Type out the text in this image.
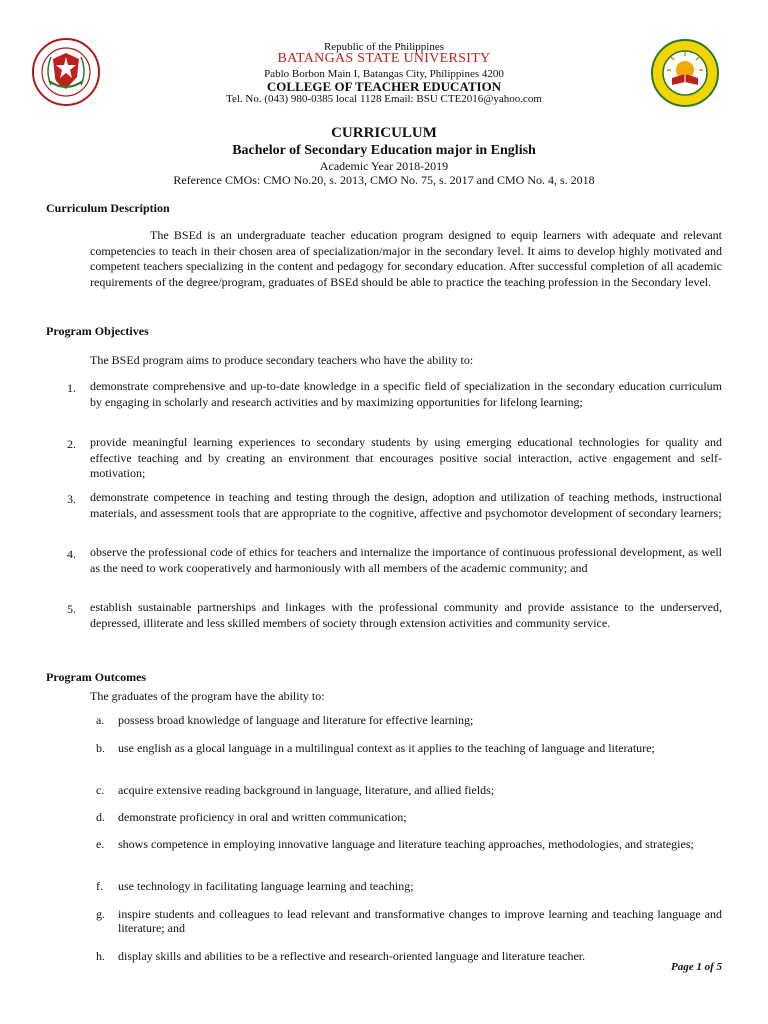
Republic of the Philippines
BATANGAS STATE UNIVERSITY
Pablo Borbon Main I, Batangas City, Philippines 4200
COLLEGE OF TEACHER EDUCATION
Tel. No. (043) 980-0385 local 1128 Email: BSU CTE2016@yahoo.com
CURRICULUM
Bachelor of Secondary Education major in English
Academic Year 2018-2019
Reference CMOs: CMO No.20, s. 2013, CMO No. 75, s. 2017 and CMO No. 4, s. 2018
Curriculum Description
The BSEd is an undergraduate teacher education program designed to equip learners with adequate and relevant competencies to teach in their chosen area of specialization/major in the secondary level. It aims to develop highly motivated and competent teachers specializing in the content and pedagogy for secondary education. After successful completion of all academic requirements of the degree/program, graduates of BSEd should be able to practice the teaching profession in the Secondary level.
Program Objectives
The BSEd program aims to produce secondary teachers who have the ability to:
1. demonstrate comprehensive and up-to-date knowledge in a specific field of specialization in the secondary education curriculum by engaging in scholarly and research activities and by maximizing opportunities for lifelong learning;
2. provide meaningful learning experiences to secondary students by using emerging educational technologies for quality and effective teaching and by creating an environment that encourages positive social interaction, active engagement and self-motivation;
3. demonstrate competence in teaching and testing through the design, adoption and utilization of teaching methods, instructional materials, and assessment tools that are appropriate to the cognitive, affective and psychomotor development of secondary learners;
4. observe the professional code of ethics for teachers and internalize the importance of continuous professional development, as well as the need to work cooperatively and harmoniously with all members of the academic community; and
5. establish sustainable partnerships and linkages with the professional community and provide assistance to the underserved, depressed, illiterate and less skilled members of society through extension activities and community service.
Program Outcomes
The graduates of the program have the ability to:
a. possess broad knowledge of language and literature for effective learning;
b. use english as a glocal language in a multilingual context as it applies to the teaching of language and literature;
c. acquire extensive reading background in language, literature, and allied fields;
d. demonstrate proficiency in oral and written communication;
e. shows competence in employing innovative language and literature teaching approaches, methodologies, and strategies;
f. use technology in facilitating language learning and teaching;
g. inspire students and colleagues to lead relevant and transformative changes to improve learning and teaching language and literature; and
h. display skills and abilities to be a reflective and research-oriented language and literature teacher.
Page 1 of 5
